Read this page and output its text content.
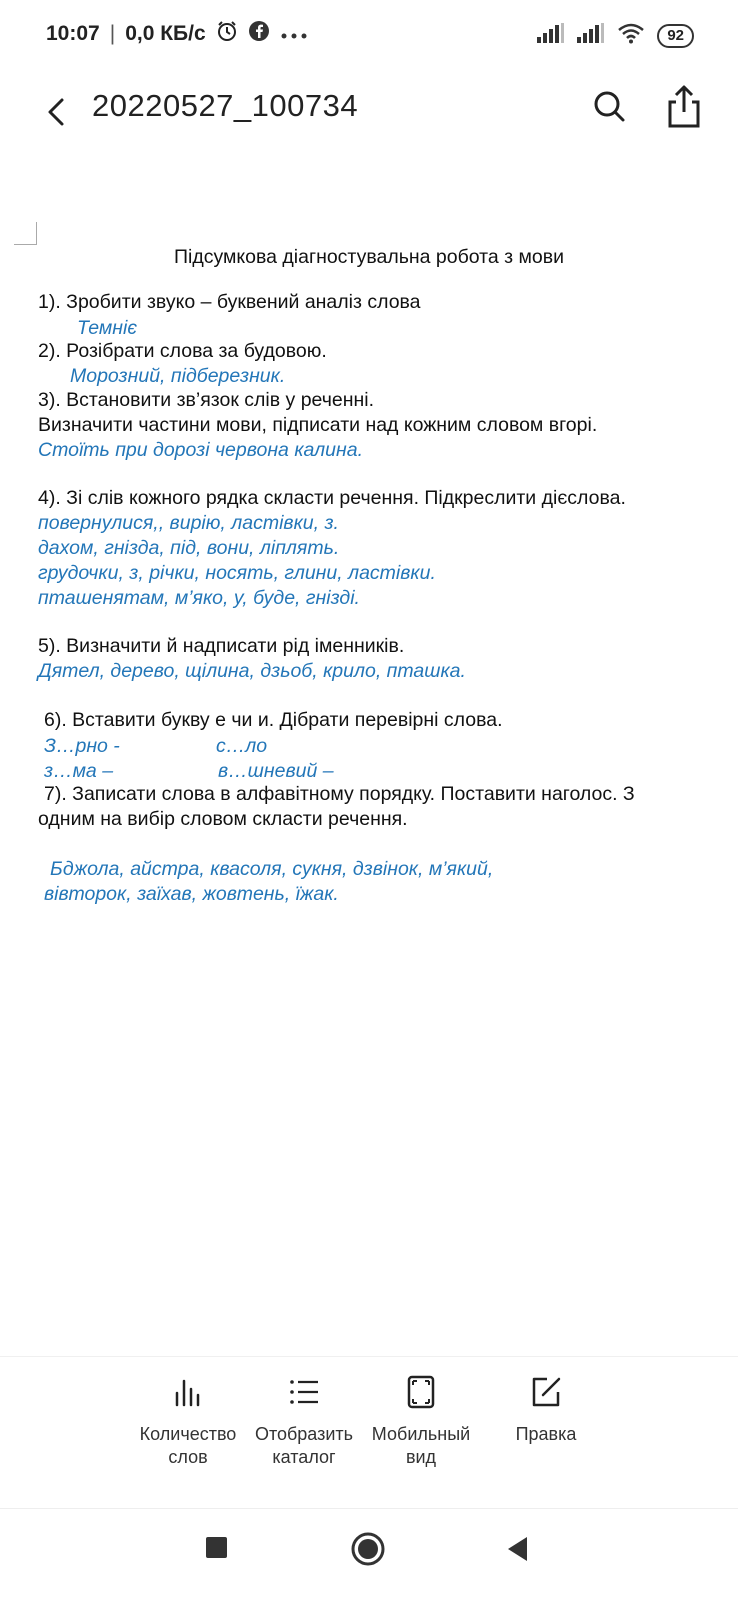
10:07 | 0,0 КБ/с	92
20220527_100734
Підсумкова діагностувальна робота з мови
1). Зробити звуко – буквений аналіз слова
Темніє
2). Розібрати слова за будовою.
Морозний, підберезник.
3). Встановити зв’язок слів у реченні.
Визначити частини мови, підписати над кожним словом вгорі.
Стоїть при дорозі червона калина.
4). Зі слів кожного рядка скласти речення. Підкреслити дієслова.
повернулися,, вирію, ластівки, з.
дахом, гнізда, під, вони, ліплять.
грудочки, з, річки, носять, глини, ластівки.
пташенятам, м’яко, у, буде, гнізді.
5). Визначити й надписати рід іменників.
Дятел, дерево, щілина, дзьоб, крило, пташка.
6). Вставити букву е чи и. Дібрати перевірні слова.
З…рно -	с…ло
з…ма –	в…шневий –
7). Записати слова в алфавітному порядку. Поставити наголос. З
одним на вибір словом скласти речення.
Бджола, айстра, квасоля, сукня, дзвінок, м’який,
вівторок, заїхав, жовтень, їжак.
Количество
слов
Отобразить
каталог
Мобильный
вид
Правка
